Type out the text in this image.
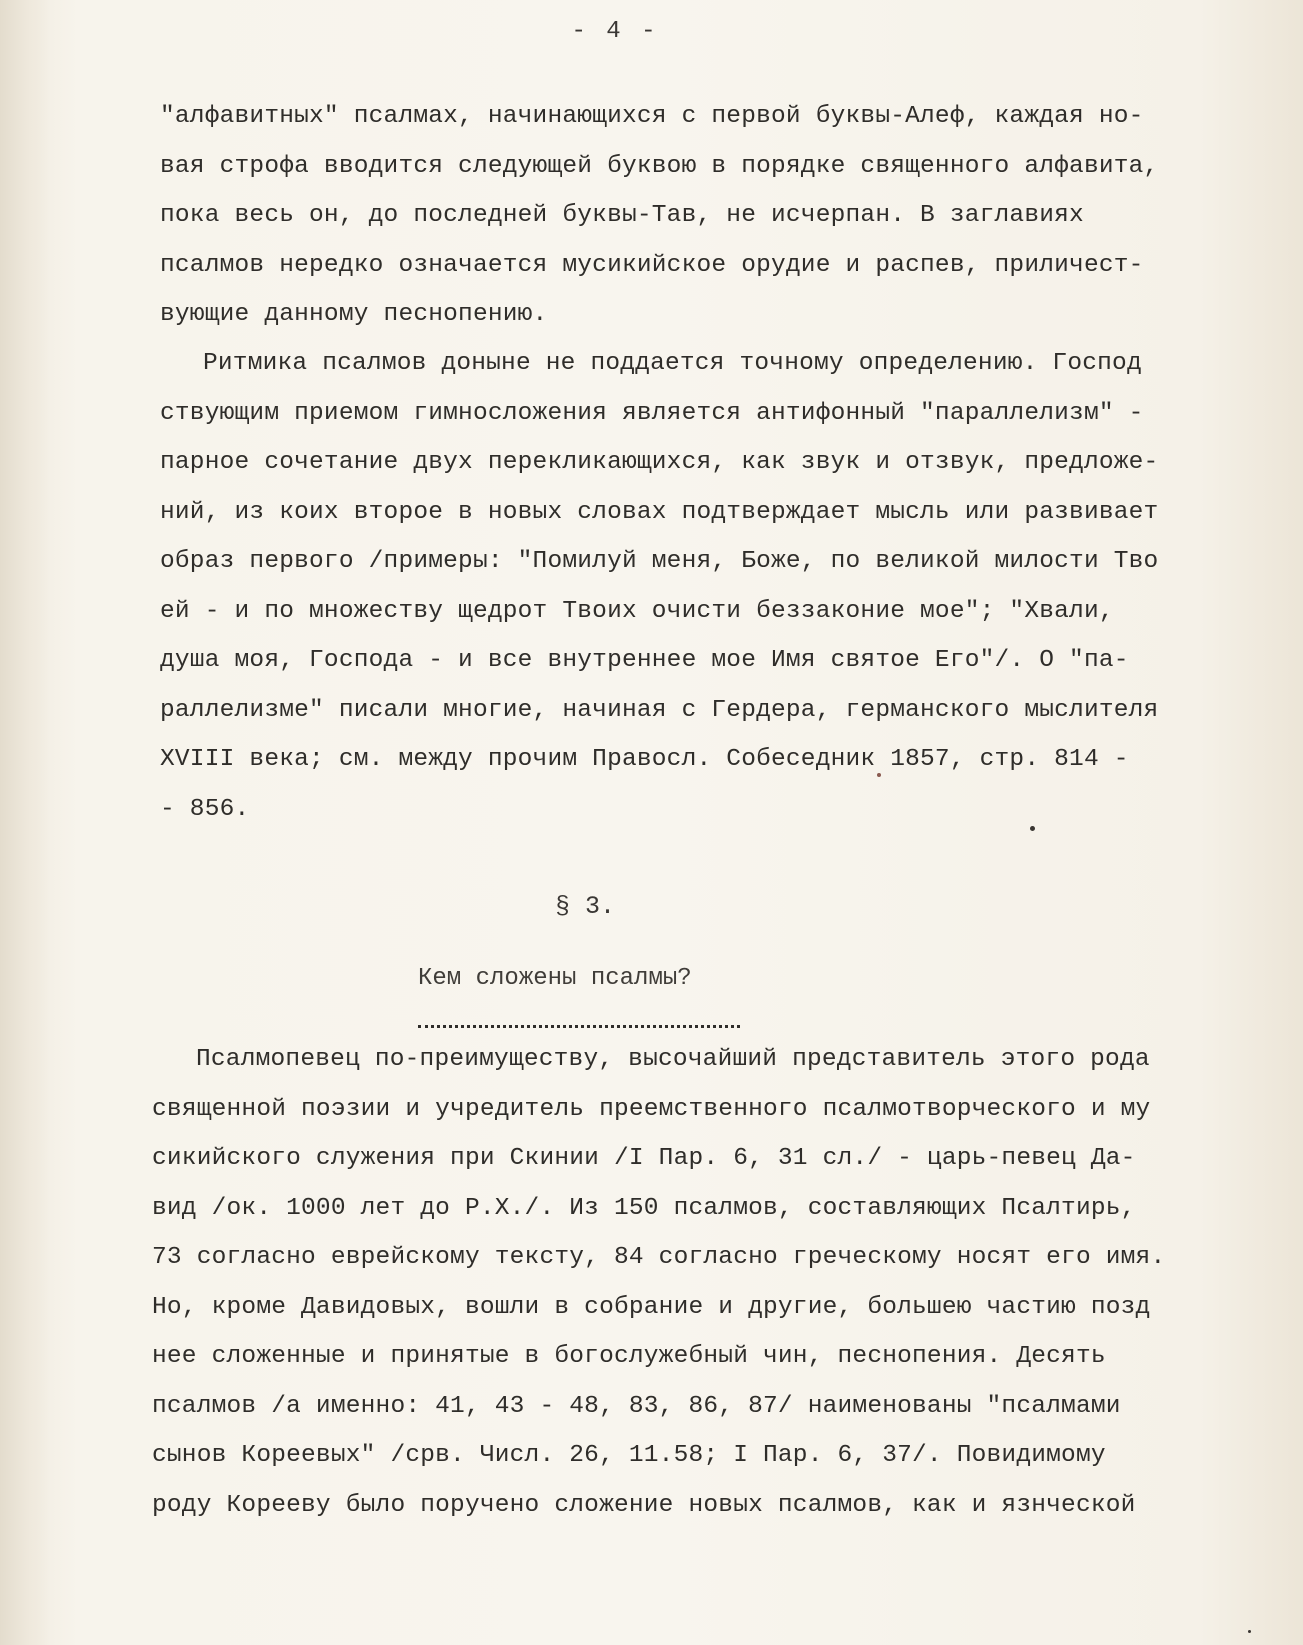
- 4 -
"алфавитных" псалмах, начинающихся с первой буквы-Алеф, каждая но-
вая строфа вводится следующей буквою в порядке священного алфавита,
пока весь он, до последней буквы-Тав, не исчерпан. В заглавиях
псалмов нередко означается мусикийское орудие и распев, приличест-
вующие данному песнопению.
Ритмика псалмов доныне не поддается точному определению. Господ
ствующим приемом гимносложения является антифонный "параллелизм" -
парное сочетание двух перекликающихся, как звук и отзвук, предложе-
ний, из коих второе в новых словах подтверждает мысль или развивает
образ первого /примеры: "Помилуй меня, Боже, по великой милости Тво
ей - и по множеству щедрот Твоих очисти беззаконие мое"; "Хвали,
душа моя, Господа - и все внутреннее мое Имя святое Его"/. О "па-
раллелизме" писали многие, начиная с Гердера, германского мыслителя
XVIII века; см. между прочим Правосл. Собеседник 1857, стр. 814 -
- 856.
§ 3.
Кем сложены псалмы?
Псалмопевец по-преимуществу, высочайший представитель этого рода
священной поэзии и учредитель преемственного псалмотворческого и му
сикийского служения при Скинии /I Пар. 6, 31 сл./ - царь-певец Да-
вид /ок. 1000 лет до Р.Х./. Из 150 псалмов, составляющих Псалтирь,
73 согласно еврейскому тексту, 84 согласно греческому носят его имя.
Но, кроме Давидовых, вошли в собрание и другие, большею частию позд
нее сложенные и принятые в богослужебный чин, песнопения. Десять
псалмов /а именно: 41, 43 - 48, 83, 86, 87/ наименованы "псалмами
сынов Кореевых" /срв. Числ. 26, 11.58; I Пар. 6, 37/. Повидимому
роду Корееву было поручено сложение новых псалмов, как и язнческой
